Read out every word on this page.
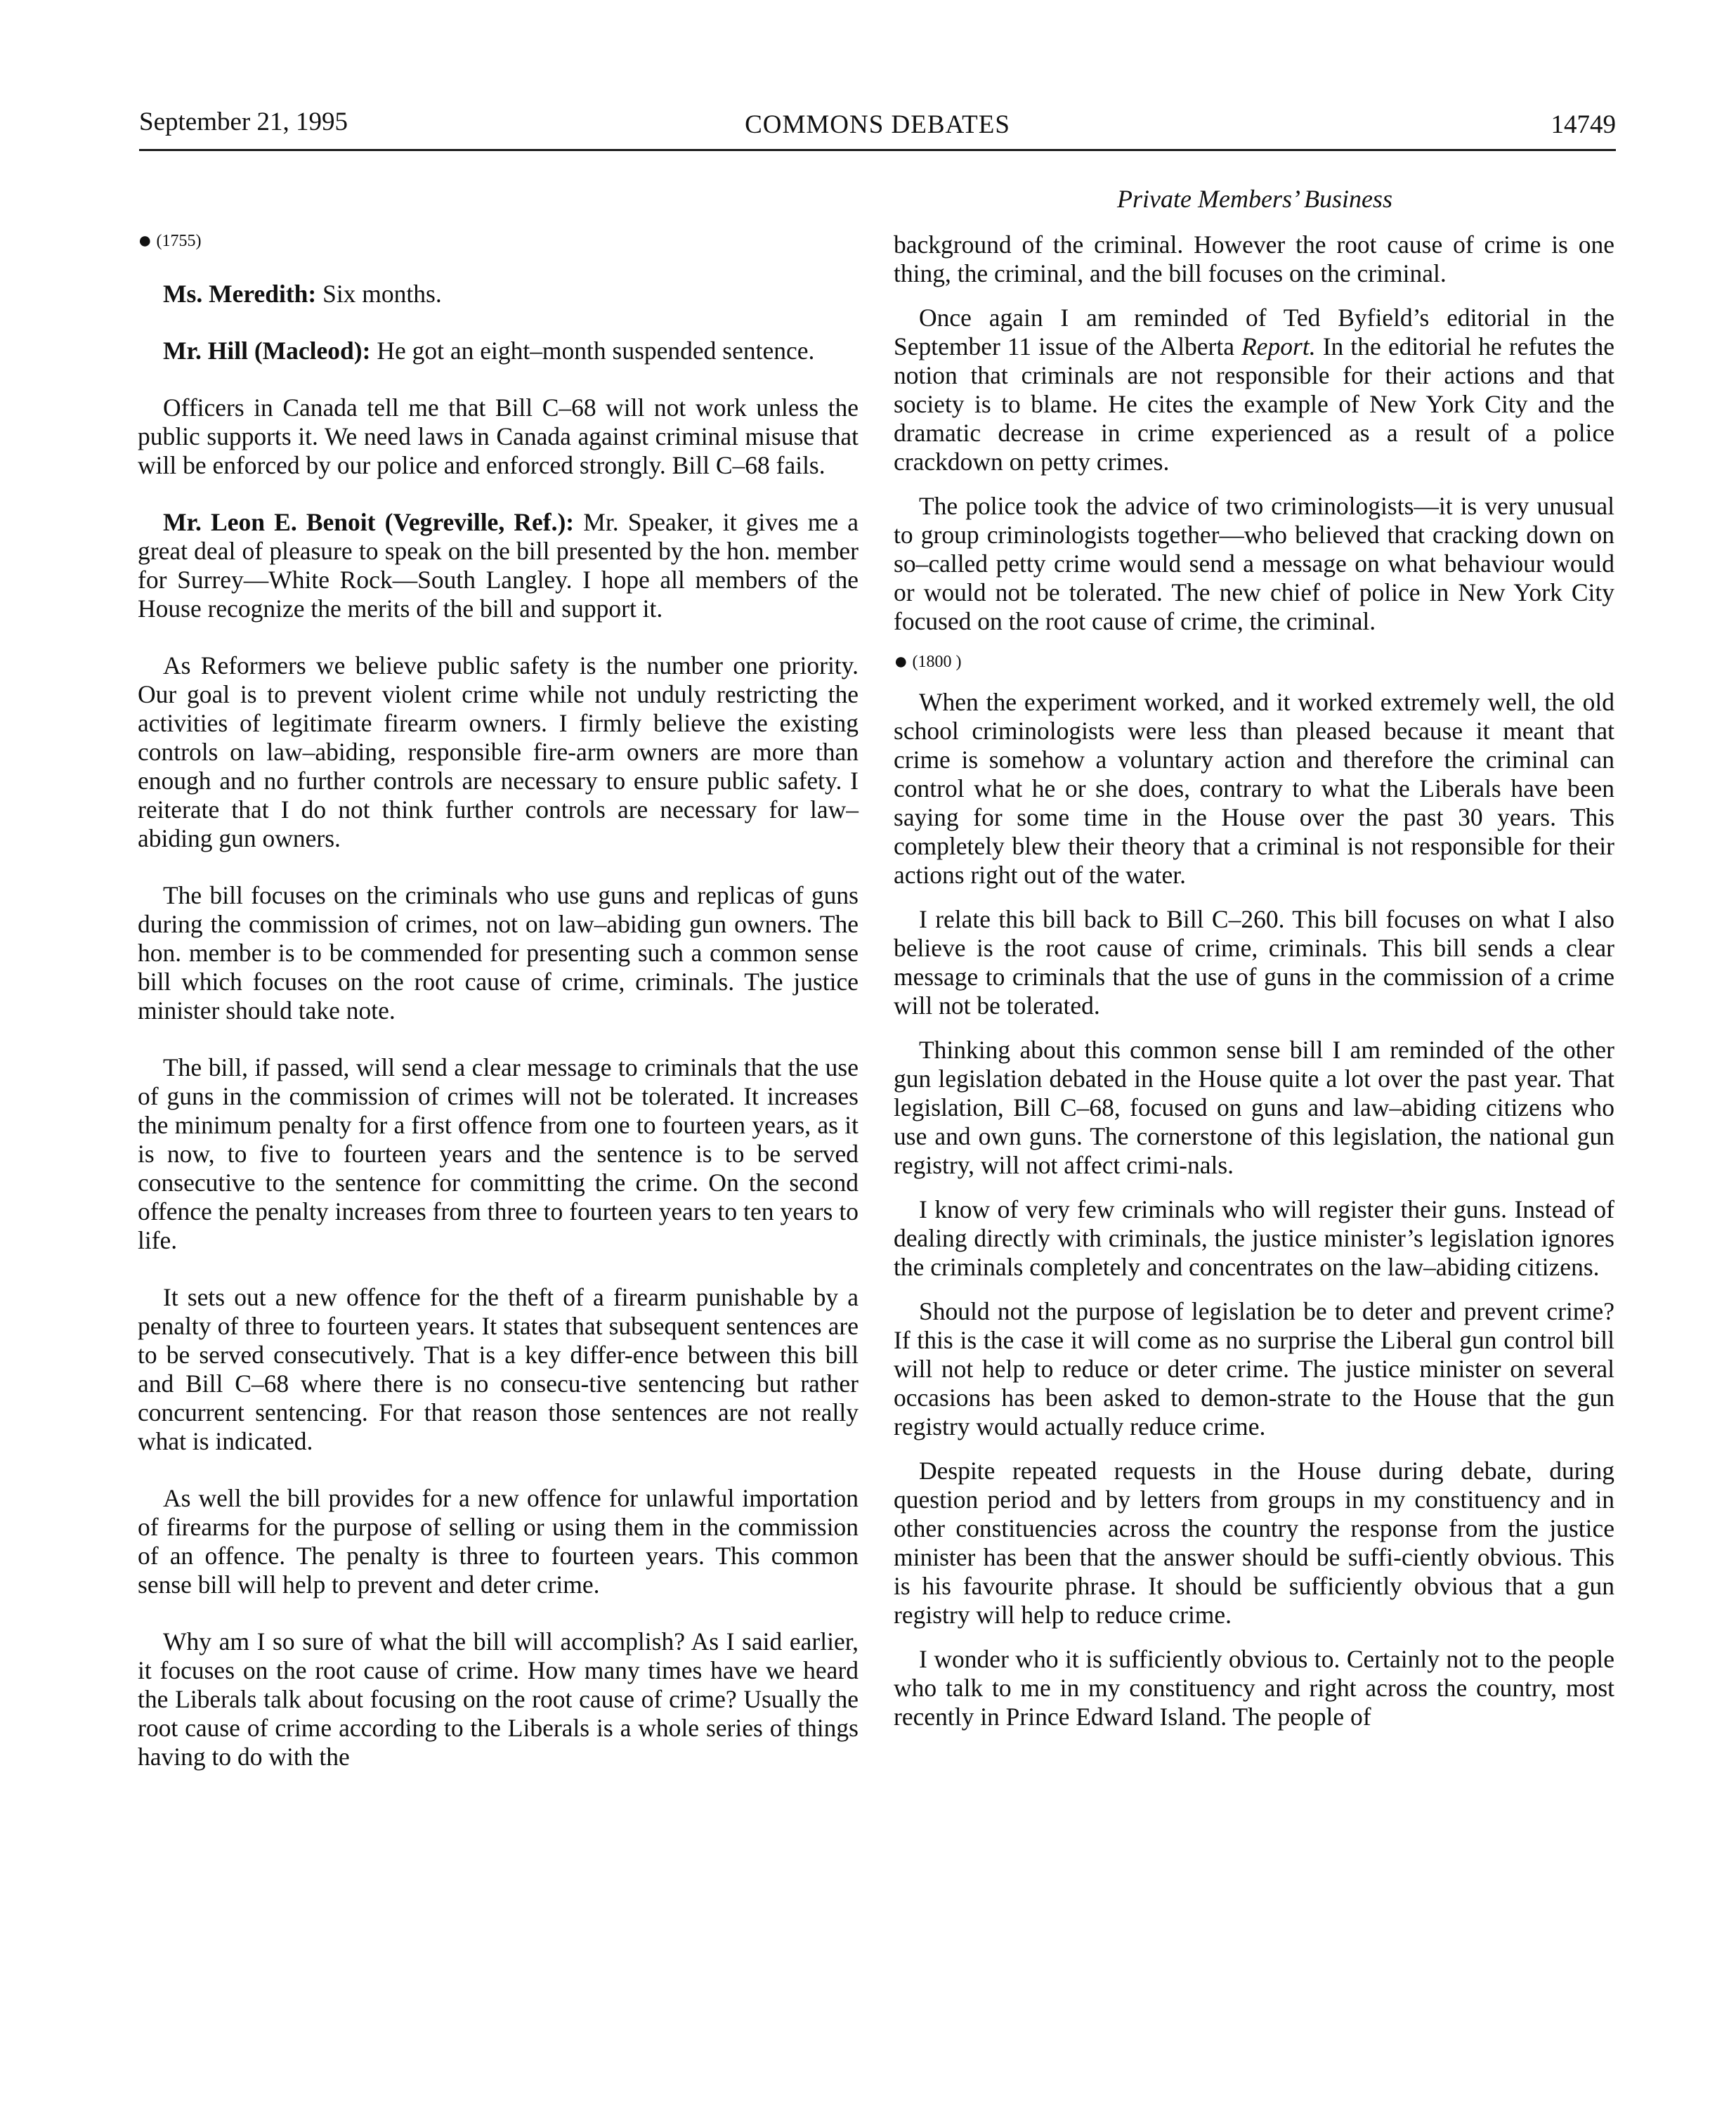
September 21, 1995	COMMONS DEBATES	14749
Private Members’ Business

● (1755)

Ms. Meredith: Six months.

Mr. Hill (Macleod): He got an eight–month suspended sentence.

Officers in Canada tell me that Bill C–68 will not work unless the public supports it. We need laws in Canada against criminal misuse that will be enforced by our police and enforced strongly. Bill C–68 fails.

Mr. Leon E. Benoit (Vegreville, Ref.): Mr. Speaker, it gives me a great deal of pleasure to speak on the bill presented by the hon. member for Surrey—White Rock—South Langley. I hope all members of the House recognize the merits of the bill and support it.

As Reformers we believe public safety is the number one priority. Our goal is to prevent violent crime while not unduly restricting the activities of legitimate firearm owners. I firmly believe the existing controls on law–abiding, responsible fire-arm owners are more than enough and no further controls are necessary to ensure public safety. I reiterate that I do not think further controls are necessary for law–abiding gun owners.

The bill focuses on the criminals who use guns and replicas of guns during the commission of crimes, not on law–abiding gun owners. The hon. member is to be commended for presenting such a common sense bill which focuses on the root cause of crime, criminals. The justice minister should take note.

The bill, if passed, will send a clear message to criminals that the use of guns in the commission of crimes will not be tolerated. It increases the minimum penalty for a first offence from one to fourteen years, as it is now, to five to fourteen years and the sentence is to be served consecutive to the sentence for committing the crime. On the second offence the penalty increases from three to fourteen years to ten years to life.

It sets out a new offence for the theft of a firearm punishable by a penalty of three to fourteen years. It states that subsequent sentences are to be served consecutively. That is a key differ-ence between this bill and Bill C–68 where there is no consecu-tive sentencing but rather concurrent sentencing. For that reason those sentences are not really what is indicated.

As well the bill provides for a new offence for unlawful importation of firearms for the purpose of selling or using them in the commission of an offence. The penalty is three to fourteen years. This common sense bill will help to prevent and deter crime.

Why am I so sure of what the bill will accomplish? As I said earlier, it focuses on the root cause of crime. How many times have we heard the Liberals talk about focusing on the root cause of crime? Usually the root cause of crime according to the Liberals is a whole series of things having to do with the

background of the criminal. However the root cause of crime is one thing, the criminal, and the bill focuses on the criminal.

Once again I am reminded of Ted Byfield’s editorial in the September 11 issue of the Alberta Report. In the editorial he refutes the notion that criminals are not responsible for their actions and that society is to blame. He cites the example of New York City and the dramatic decrease in crime experienced as a result of a police crackdown on petty crimes.

The police took the advice of two criminologists—it is very unusual to group criminologists together—who believed that cracking down on so–called petty crime would send a message on what behaviour would or would not be tolerated. The new chief of police in New York City focused on the root cause of crime, the criminal.

● (1800 )

When the experiment worked, and it worked extremely well, the old school criminologists were less than pleased because it meant that crime is somehow a voluntary action and therefore the criminal can control what he or she does, contrary to what the Liberals have been saying for some time in the House over the past 30 years. This completely blew their theory that a criminal is not responsible for their actions right out of the water.

I relate this bill back to Bill C–260. This bill focuses on what I also believe is the root cause of crime, criminals. This bill sends a clear message to criminals that the use of guns in the commission of a crime will not be tolerated.

Thinking about this common sense bill I am reminded of the other gun legislation debated in the House quite a lot over the past year. That legislation, Bill C–68, focused on guns and law–abiding citizens who use and own guns. The cornerstone of this legislation, the national gun registry, will not affect crimi-nals.

I know of very few criminals who will register their guns. Instead of dealing directly with criminals, the justice minister’s legislation ignores the criminals completely and concentrates on the law–abiding citizens.

Should not the purpose of legislation be to deter and prevent crime? If this is the case it will come as no surprise the Liberal gun control bill will not help to reduce or deter crime. The justice minister on several occasions has been asked to demon-strate to the House that the gun registry would actually reduce crime.

Despite repeated requests in the House during debate, during question period and by letters from groups in my constituency and in other constituencies across the country the response from the justice minister has been that the answer should be suffi-ciently obvious. This is his favourite phrase. It should be sufficiently obvious that a gun registry will help to reduce crime.

I wonder who it is sufficiently obvious to. Certainly not to the people who talk to me in my constituency and right across the country, most recently in Prince Edward Island. The people of
